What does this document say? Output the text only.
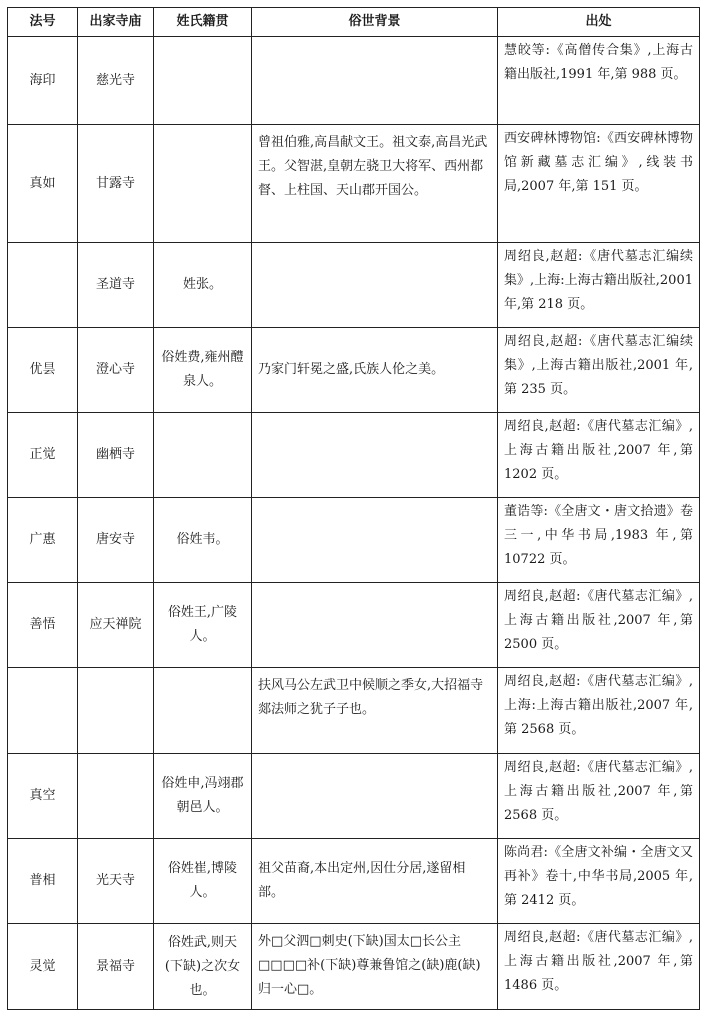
法号	出家寺庙	姓氏籍贯	俗世背景	出处
海印	慈光寺			慧皎等:《高僧传合集》,上海古籍出版社,1991 年,第 988 页。
真如	甘露寺		曾祖伯雅,高昌献文王。祖文泰,高昌光武王。父智湛,皇朝左骁卫大将军、西州都督、上柱国、天山郡开国公。	西安碑林博物馆:《西安碑林博物馆新藏墓志汇编》,线装书局,2007 年,第 151 页。
	圣道寺	姓张。		周绍良,赵超:《唐代墓志汇编续集》,上海:上海古籍出版社,2001 年,第 218 页。
优昙	澄心寺	俗姓费,雍州醴泉人。	乃家门轩冕之盛,氏族人伦之美。	周绍良,赵超:《唐代墓志汇编续集》,上海古籍出版社,2001 年,第 235 页。
正觉	幽栖寺			周绍良,赵超:《唐代墓志汇编》,上海古籍出版社,2007 年,第 1202 页。
广惠	唐安寺	俗姓韦。		董诰等:《全唐文・唐文拾遗》卷三一,中华书局,1983 年,第 10722 页。
善悟	应天禅院	俗姓王,广陵人。		周绍良,赵超:《唐代墓志汇编》,上海古籍出版社,2007 年,第 2500 页。
			扶风马公左武卫中候顺之季女,大招福寺郯法师之犹子子也。	周绍良,赵超:《唐代墓志汇编》,上海:上海古籍出版社,2007 年,第 2568 页。
真空		俗姓申,冯翊郡朝邑人。		周绍良,赵超:《唐代墓志汇编》,上海古籍出版社,2007 年,第 2568 页。
普相	光天寺	俗姓崔,博陵人。	祖父苗裔,本出定州,因仕分居,遂留相部。	陈尚君:《全唐文补编・全唐文又再补》卷十,中华书局,2005 年,第 2412 页。
灵觉	景福寺	俗姓武,则天(下缺)之次女也。	外□父泗□刺史(下缺)国太□长公主□□□□补(下缺)尊兼鲁馆之(缺)鹿(缺)归一心□。	周绍良,赵超:《唐代墓志汇编》,上海古籍出版社,2007 年,第 1486 页。
